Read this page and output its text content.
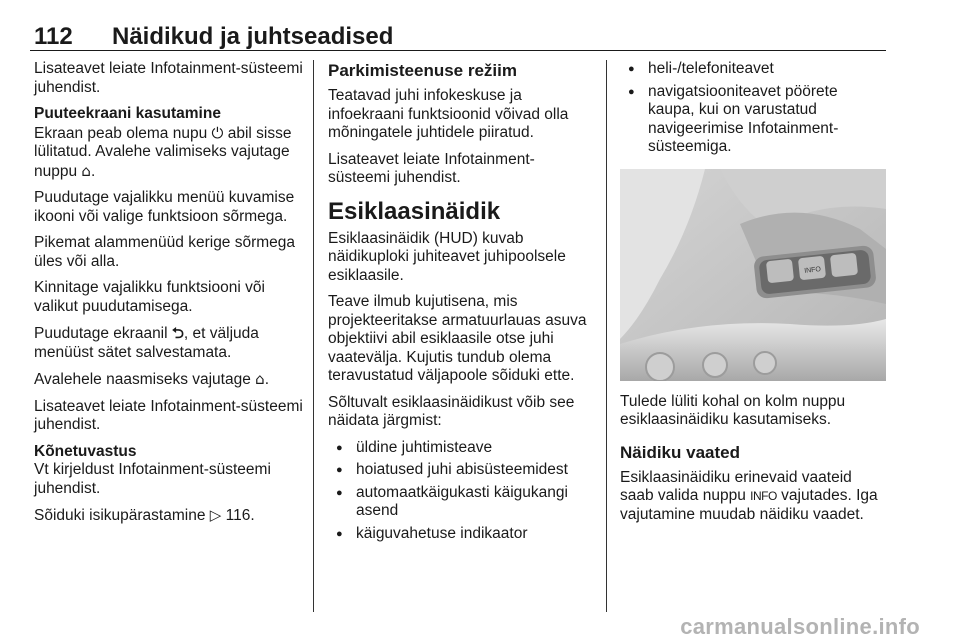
112 Näidikud ja juhtseadised

Lisateavet leiate Infotainment-süsteemi juhendist.

Puuteekraani kasutamine

Ekraan peab olema nupu ⏻ abil sisse lülitatud. Avalehe valimiseks vajutage nuppu ⌂.

Puudutage vajalikku menüü kuvamise ikooni või valige funktsioon sõrmega.

Pikemat alammenüüd kerige sõrmega üles või alla.

Kinnitage vajalikku funktsiooni või valikut puudutamisega.

Puudutage ekraanil ⮌, et väljuda menüüst sätet salvestamata.

Avalehele naasmiseks vajutage ⌂.

Lisateavet leiate Infotainment-süsteemi juhendist.

Kõnetuvastus

Vt kirjeldust Infotainment-süsteemi juhendist.

Sõiduki isikupärastamine ▷ 116.

Parkimisteenuse režiim

Teatavad juhi infokeskuse ja infoekraani funktsioonid võivad olla mõningatele juhtidele piiratud.

Lisateavet leiate Infotainment-süsteemi juhendist.

Esiklaasinäidik

Esiklaasinäidik (HUD) kuvab näidikuploki juhiteavet juhipoolsele esiklaasile.

Teave ilmub kujutisena, mis projekteeritakse armatuurlauas asuva objektiivi abil esiklaasile otse juhi vaatevälja. Kujutis tundub olema teravustatud väljapoole sõiduki ette.

Sõltuvalt esiklaasinäidikust võib see näidata järgmist:

● üldine juhtimisteave
● hoiatused juhi abisüsteemidest
● automaatkäigukasti käigukangi asend
● käiguvahetuse indikaator
● heli-/telefoniteavet
● navigatsiooniteavet pöörete kaupa, kui on varustatud navigeerimise Infotainment-süsteemiga.
INFO

Tulede lüliti kohal on kolm nuppu esiklaasinäidiku kasutamiseks.

Näidiku vaated

Esiklaasinäidiku erinevaid vaateid saab valida nuppu INFO vajutades. Iga vajutamine muudab näidiku vaadet.

carmanualsonline.info
